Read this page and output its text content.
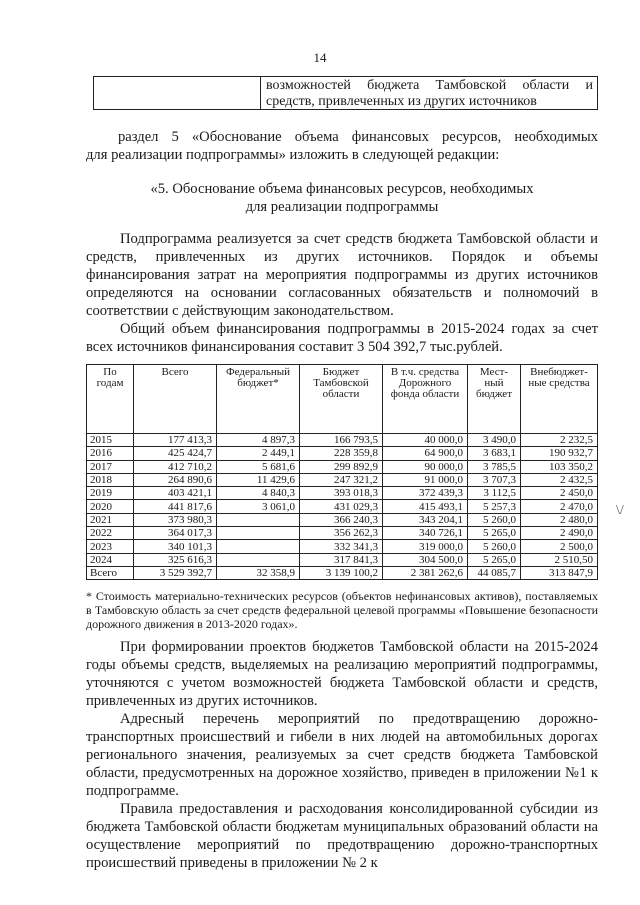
14
возможностей бюджета Тамбовской области и
средств, привлеченных из других источников
раздел 5 «Обоснование объема финансовых ресурсов, необходимых
для реализации подпрограммы» изложить в следующей редакции:
«5. Обоснование объема финансовых ресурсов, необходимых
для реализации подпрограммы
Подпрограмма реализуется за счет средств бюджета Тамбовской области и средств, привлеченных из других источников. Порядок и объемы финансирования затрат на мероприятия подпрограммы из других источников определяются на основании согласованных обязательств и полномочий в соответствии с действующим законодательством.
Общий объем финансирования подпрограммы в 2015-2024 годах за счет всех источников финансирования составит 3 504 392,7 тыс.рублей.
По годам	Всего	Федеральный бюджет*	Бюджет Тамбовской области	В т.ч. средства Дорожного фонда области	Мест-ный бюджет	Внебюджет-ные средства
2015	177 413,3	4 897,3	166 793,5	40 000,0	3 490,0	2 232,5
2016	425 424,7	2 449,1	228 359,8	64 900,0	3 683,1	190 932,7
2017	412 710,2	5 681,6	299 892,9	90 000,0	3 785,5	103 350,2
2018	264 890,6	11 429,6	247 321,2	91 000,0	3 707,3	2 432,5
2019	403 421,1	4 840,3	393 018,3	372 439,3	3 112,5	2 450,0
2020	441 817,6	3 061,0	431 029,3	415 493,1	5 257,3	2 470,0
2021	373 980,3		366 240,3	343 204,1	5 260,0	2 480,0
2022	364 017,3		356 262,3	340 726,1	5 265,0	2 490,0
2023	340 101,3		332 341,3	319 000,0	5 260,0	2 500,0
2024	325 616,3		317 841,3	304 500,0	5 265,0	2 510,50
Всего	3 529 392,7	32 358,9	3 139 100,2	2 381 262,6	44 085,7	313 847,9
* Стоимость материально-технических ресурсов (объектов нефинансовых активов), поставляемых в Тамбовскую область за счет средств федеральной целевой программы «Повышение безопасности дорожного движения в 2013-2020 годах».
При формировании проектов бюджетов Тамбовской области на 2015-2024 годы объемы средств, выделяемых на реализацию мероприятий подпрограммы, уточняются с учетом возможностей бюджета Тамбовской области и средств, привлеченных из других источников.
Адресный перечень мероприятий по предотвращению дорожно-транспортных происшествий и гибели в них людей на автомобильных дорогах регионального значения, реализуемых за счет средств бюджета Тамбовской области, предусмотренных на дорожное хозяйство, приведен в приложении №1 к подпрограмме.
Правила предоставления и расходования консолидированной субсидии из бюджета Тамбовской области бюджетам муниципальных образований области на осуществление мероприятий по предотвращению дорожно-транспортных происшествий приведены в приложении № 2 к
\/
